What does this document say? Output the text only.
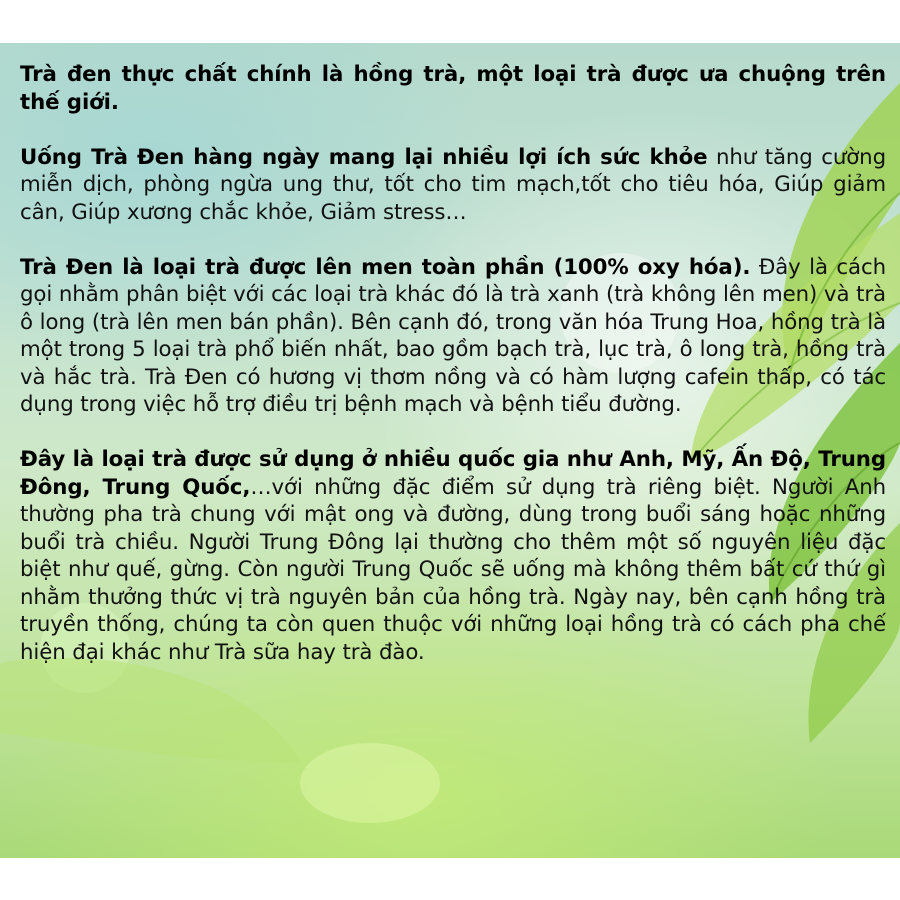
Trà đen thực chất chính là hồng trà, một loại trà được ưa chuộng trên thế giới.

Uống Trà Đen hàng ngày mang lại nhiều lợi ích sức khỏe như tăng cường miễn dịch, phòng ngừa ung thư, tốt cho tim mạch,tốt cho tiêu hóa, Giúp giảm cân, Giúp xương chắc khỏe, Giảm stress…

Trà Đen là loại trà được lên men toàn phần (100% oxy hóa). Đây là cách gọi nhằm phân biệt với các loại trà khác đó là trà xanh (trà không lên men) và trà ô long (trà lên men bán phần). Bên cạnh đó, trong văn hóa Trung Hoa, hồng trà là một trong 5 loại trà phổ biến nhất, bao gồm bạch trà, lục trà, ô long trà, hồng trà và hắc trà. Trà Đen có hương vị thơm nồng và có hàm lượng cafein thấp, có tác dụng trong việc hỗ trợ điều trị bệnh mạch và bệnh tiểu đường.

Đây là loại trà được sử dụng ở nhiều quốc gia như Anh, Mỹ, Ấn Độ, Trung Đông, Trung Quốc,…với những đặc điểm sử dụng trà riêng biệt. Người Anh thường pha trà chung với mật ong và đường, dùng trong buổi sáng hoặc những buổi trà chiều. Người Trung Đông lại thường cho thêm một số nguyên liệu đặc biệt như quế, gừng. Còn người Trung Quốc sẽ uống mà không thêm bất cứ thứ gì nhằm thưởng thức vị trà nguyên bản của hồng trà. Ngày nay, bên cạnh hồng trà truyền thống, chúng ta còn quen thuộc với những loại hồng trà có cách pha chế hiện đại khác như Trà sữa hay trà đào.
